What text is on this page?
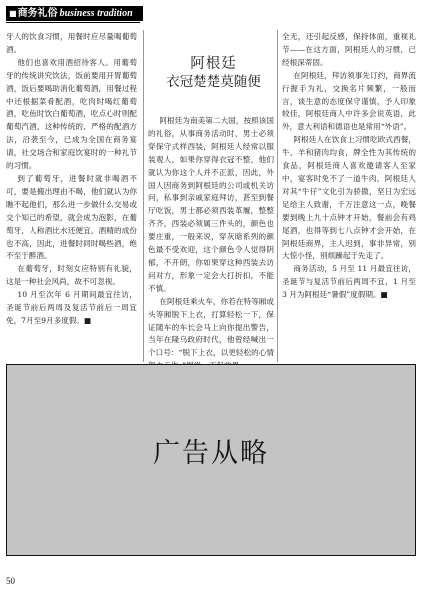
■商务礼俗 business tradition

牙人的饮食习惯，用餐时应尽量喝葡萄酒。

他们也喜欢用酒招待客人。用葡萄牙的传统讲究饮法，饭前要用开胃葡萄酒，饭后要喝助消化葡萄酒，用餐过程中还根据菜肴配酒，吃肉时喝红葡萄酒，吃鱼时饮白葡萄酒，吃点心时则配葡萄汽酒，这种传统的、严格的配酒方法，沿袭至今，已成为全国在商务宴请，社交场合和家庭饮宴时的一种礼节的习惯。

到了葡萄牙，进餐时就非喝酒不可，要是搬出理由不喝，他们就认为你瞧不起他们，那么进一步做什么交易或交个知己的希望，就会成为泡影，在葡萄牙，人称酒比水还便宜，酒精的成份也不高，因此，进餐时同时喝些酒，绝不至于醉酒。

在葡萄牙，时刻女应特别有礼貌，这是一种社会风尚，故不可忽视。

10 月至次年 6 月期间最宜往访，圣诞节前后两周及复活节前后一周宜免，7月至9月多度假。■

阿根廷
衣冠楚楚莫随便

阿根廷为南美第二大国，按照该国的礼俗，从事商务活动时，男士必须穿保守式样西装，阿根廷人经常以服装观人，如果你穿得衣冠不整，他们就认为你这个人并不正派，因此，外国人因商务到阿根廷的公司或机关访问，私事到亲戚家庭拜访，甚至到餐厅吃饭，男士都必须西装革履，整整齐齐，西装必须属三件头的，颜色也要庄重，一般来说，穿灰暗系列的颜色最不受欢迎，这个颜色令人觉得阴郁，不开朗，你如果穿这种西装去访问对方，形象一定会大打折扣，不能不慎。

在阿根廷乘火车，你若在特等厢或头等厢脱下上衣，打算轻松一下，保证随车的车长会马上向你提出警告，当年在隆乌政府时代，他曾经喊出一个口号：“脱下上衣，以更轻松的心情

全无，还引起反感，保持体面，重视礼节——在这方面，阿根廷人的习惯，已经根深蒂固。

在阿根廷，拜访须事先订约，商界流行握手为礼，交换名片频繁，一般而言，谈生意的态度保守谨慎，予人印象较佳，阿根廷商人中许多会说英语，此外，意大利语和德语也是常用“外语”。

阿根廷人在饮食上习惯吃欧式西餐，牛、羊和猪肉均食，牌全性为其传统的食品，阿根廷商人喜欢邀请客人至家中，宴客时免不了一道牛肉，阿根廷人对其“牛仔”文化引为骄傲，坚日为宏远足给主人致谢，千万注意这一点，晚餐要到晚上九十点钟才开始，餐前会有鸡尾酒，也得等到七八点钟才会开始，在阿根廷商界，主人迟到，事非异常，别大惊小怪，别烦躁起于先走了。

商务活动，5 月至 11 月最宜往访，圣诞节与复活节前后两周不宜，1 月至 3 月为阿根廷“暑假”度假期。■

广告从略
50
